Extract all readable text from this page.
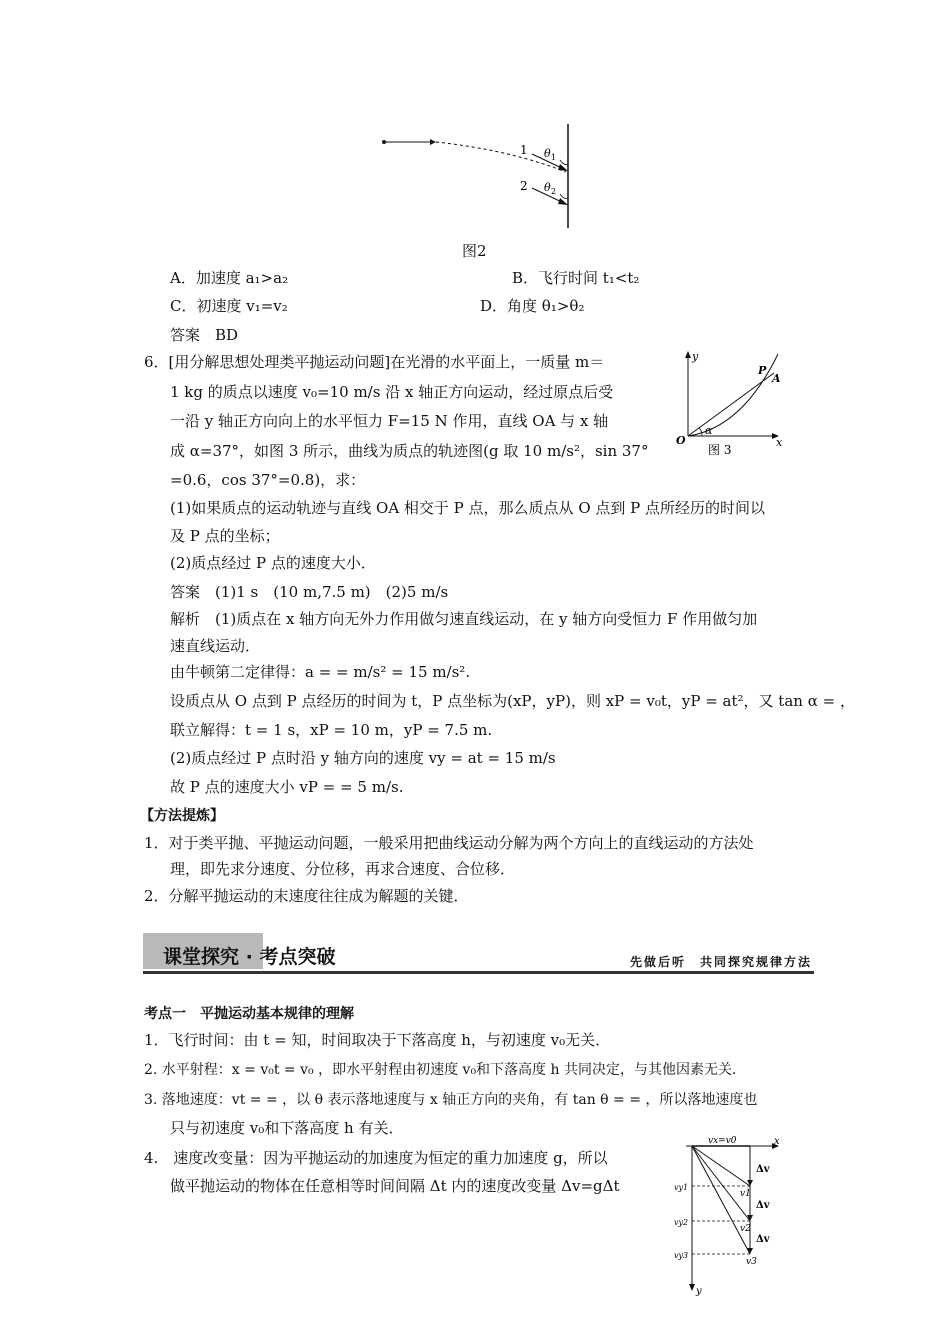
1
2
θ 1
θ 2
图2
A．加速度 a₁>a₂	B．飞行时间 t₁<t₂
C．初速度 v₁=v₂	D．角度 θ₁>θ₂
答案　BD
6．[用分解思想处理类平抛运动问题]在光滑的水平面上，一质量 m＝
1 kg 的质点以速度 v₀=10 m/s 沿 x 轴正方向运动，经过原点后受
一沿 y 轴正方向向上的水平恒力 F=15 N 作用，直线 OA 与 x 轴
成 α=37°，如图 3 所示，曲线为质点的轨迹图(g 取 10 m/s²，sin 37°
=0.6，cos 37°=0.8)，求：
y
x
O
P
A
α
图 3
(1)如果质点的运动轨迹与直线 OA 相交于 P 点，那么质点从 O 点到 P 点所经历的时间以
及 P 点的坐标；
(2)质点经过 P 点的速度大小．
答案　(1)1 s　(10 m,7.5 m)　(2)5 m/s
解析　(1)质点在 x 轴方向无外力作用做匀速直线运动，在 y 轴方向受恒力 F 作用做匀加
速直线运动．
由牛顿第二定律得：a = = m/s² = 15 m/s².
设质点从 O 点到 P 点经历的时间为 t，P 点坐标为(xP，yP)，则 xP = v₀t，yP = at²，又 tan α = ，
联立解得：t = 1 s，xP = 10 m，yP = 7.5 m.
(2)质点经过 P 点时沿 y 轴方向的速度 vy = at = 15 m/s
故 P 点的速度大小 vP = = 5 m/s.
【方法提炼】
1．对于类平抛、平抛运动问题，一般采用把曲线运动分解为两个方向上的直线运动的方法处
理，即先求分速度、分位移，再求合速度、合位移．
2．分解平抛运动的末速度往往成为解题的关键．
课堂探究 · 考点突破	先做后听　共同探究规律方法
考点一　平抛运动基本规律的理解
1．飞行时间：由 t = 知，时间取决于下落高度 h，与初速度 v₀无关．
2. 水平射程：x = v₀t = v₀ ，即水平射程由初速度 v₀和下落高度 h 共同决定，与其他因素无关．
3. 落地速度：vt = = ，以 θ 表示落地速度与 x 轴正方向的夹角，有 tan θ = = ，所以落地速度也
只与初速度 v₀和下落高度 h 有关．
4.　速度改变量：因为平抛运动的加速度为恒定的重力加速度 g，所以
做平抛运动的物体在任意相等时间间隔 Δt 内的速度改变量 Δv=gΔt
vx=v0	x
y
Δv
Δv
Δv
v1
v2
v3
vy1
vy2
vy3
